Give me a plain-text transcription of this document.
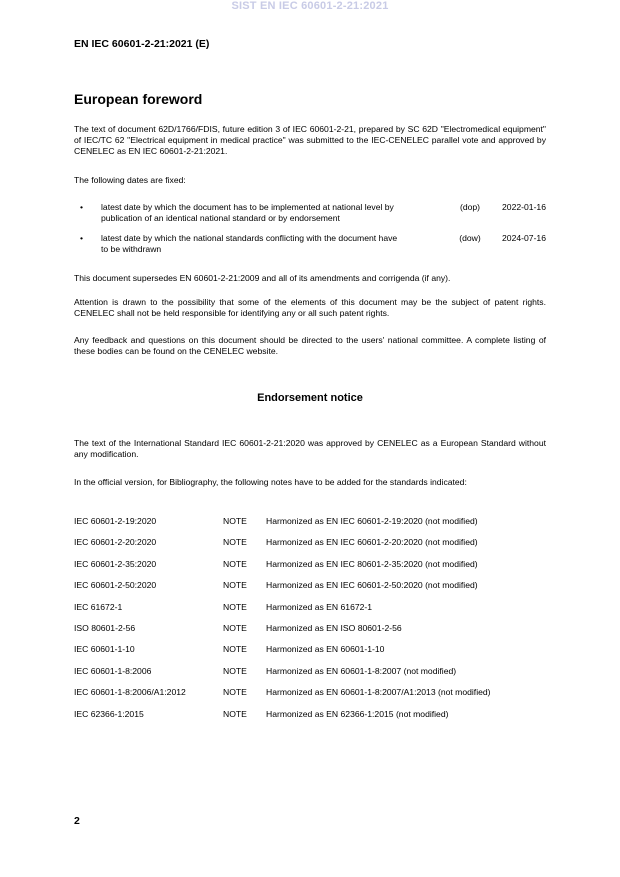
SIST EN IEC 60601-2-21:2021
EN IEC 60601-2-21:2021 (E)
European foreword
The text of document 62D/1766/FDIS, future edition 3 of IEC 60601-2-21, prepared by SC 62D "Electromedical equipment" of IEC/TC 62 "Electrical equipment in medical practice" was submitted to the IEC-CENELEC parallel vote and approved by CENELEC as EN IEC 60601-2-21:2021.
The following dates are fixed:
• latest date by which the document has to be implemented at national level by publication of an identical national standard or by endorsement
(dop)	2022-01-16
• latest date by which the national standards conflicting with the document have to be withdrawn
(dow)	2024-07-16
This document supersedes EN 60601-2-21:2009 and all of its amendments and corrigenda (if any).
Attention is drawn to the possibility that some of the elements of this document may be the subject of patent rights. CENELEC shall not be held responsible for identifying any or all such patent rights.
Any feedback and questions on this document should be directed to the users' national committee. A complete listing of these bodies can be found on the CENELEC website.
Endorsement notice
The text of the International Standard IEC 60601-2-21:2020 was approved by CENELEC as a European Standard without any modification.
In the official version, for Bibliography, the following notes have to be added for the standards indicated:
IEC 60601-2-19:2020	NOTE Harmonized as EN IEC 60601-2-19:2020 (not modified)
IEC 60601-2-20:2020	NOTE Harmonized as EN IEC 60601-2-20:2020 (not modified)
IEC 60601-2-35:2020	NOTE Harmonized as EN IEC 80601-2-35:2020 (not modified)
IEC 60601-2-50:2020	NOTE Harmonized as EN IEC 60601-2-50:2020 (not modified)
IEC 61672-1	NOTE Harmonized as EN 61672-1
ISO 80601-2-56	NOTE Harmonized as EN ISO 80601-2-56
IEC 60601-1-10	NOTE Harmonized as EN 60601-1-10
IEC 60601-1-8:2006	NOTE Harmonized as EN 60601-1-8:2007 (not modified)
IEC 60601-1-8:2006/A1:2012	NOTE Harmonized as EN 60601-1-8:2007/A1:2013 (not modified)
IEC 62366-1:2015	NOTE Harmonized as EN 62366-1:2015 (not modified)
2
